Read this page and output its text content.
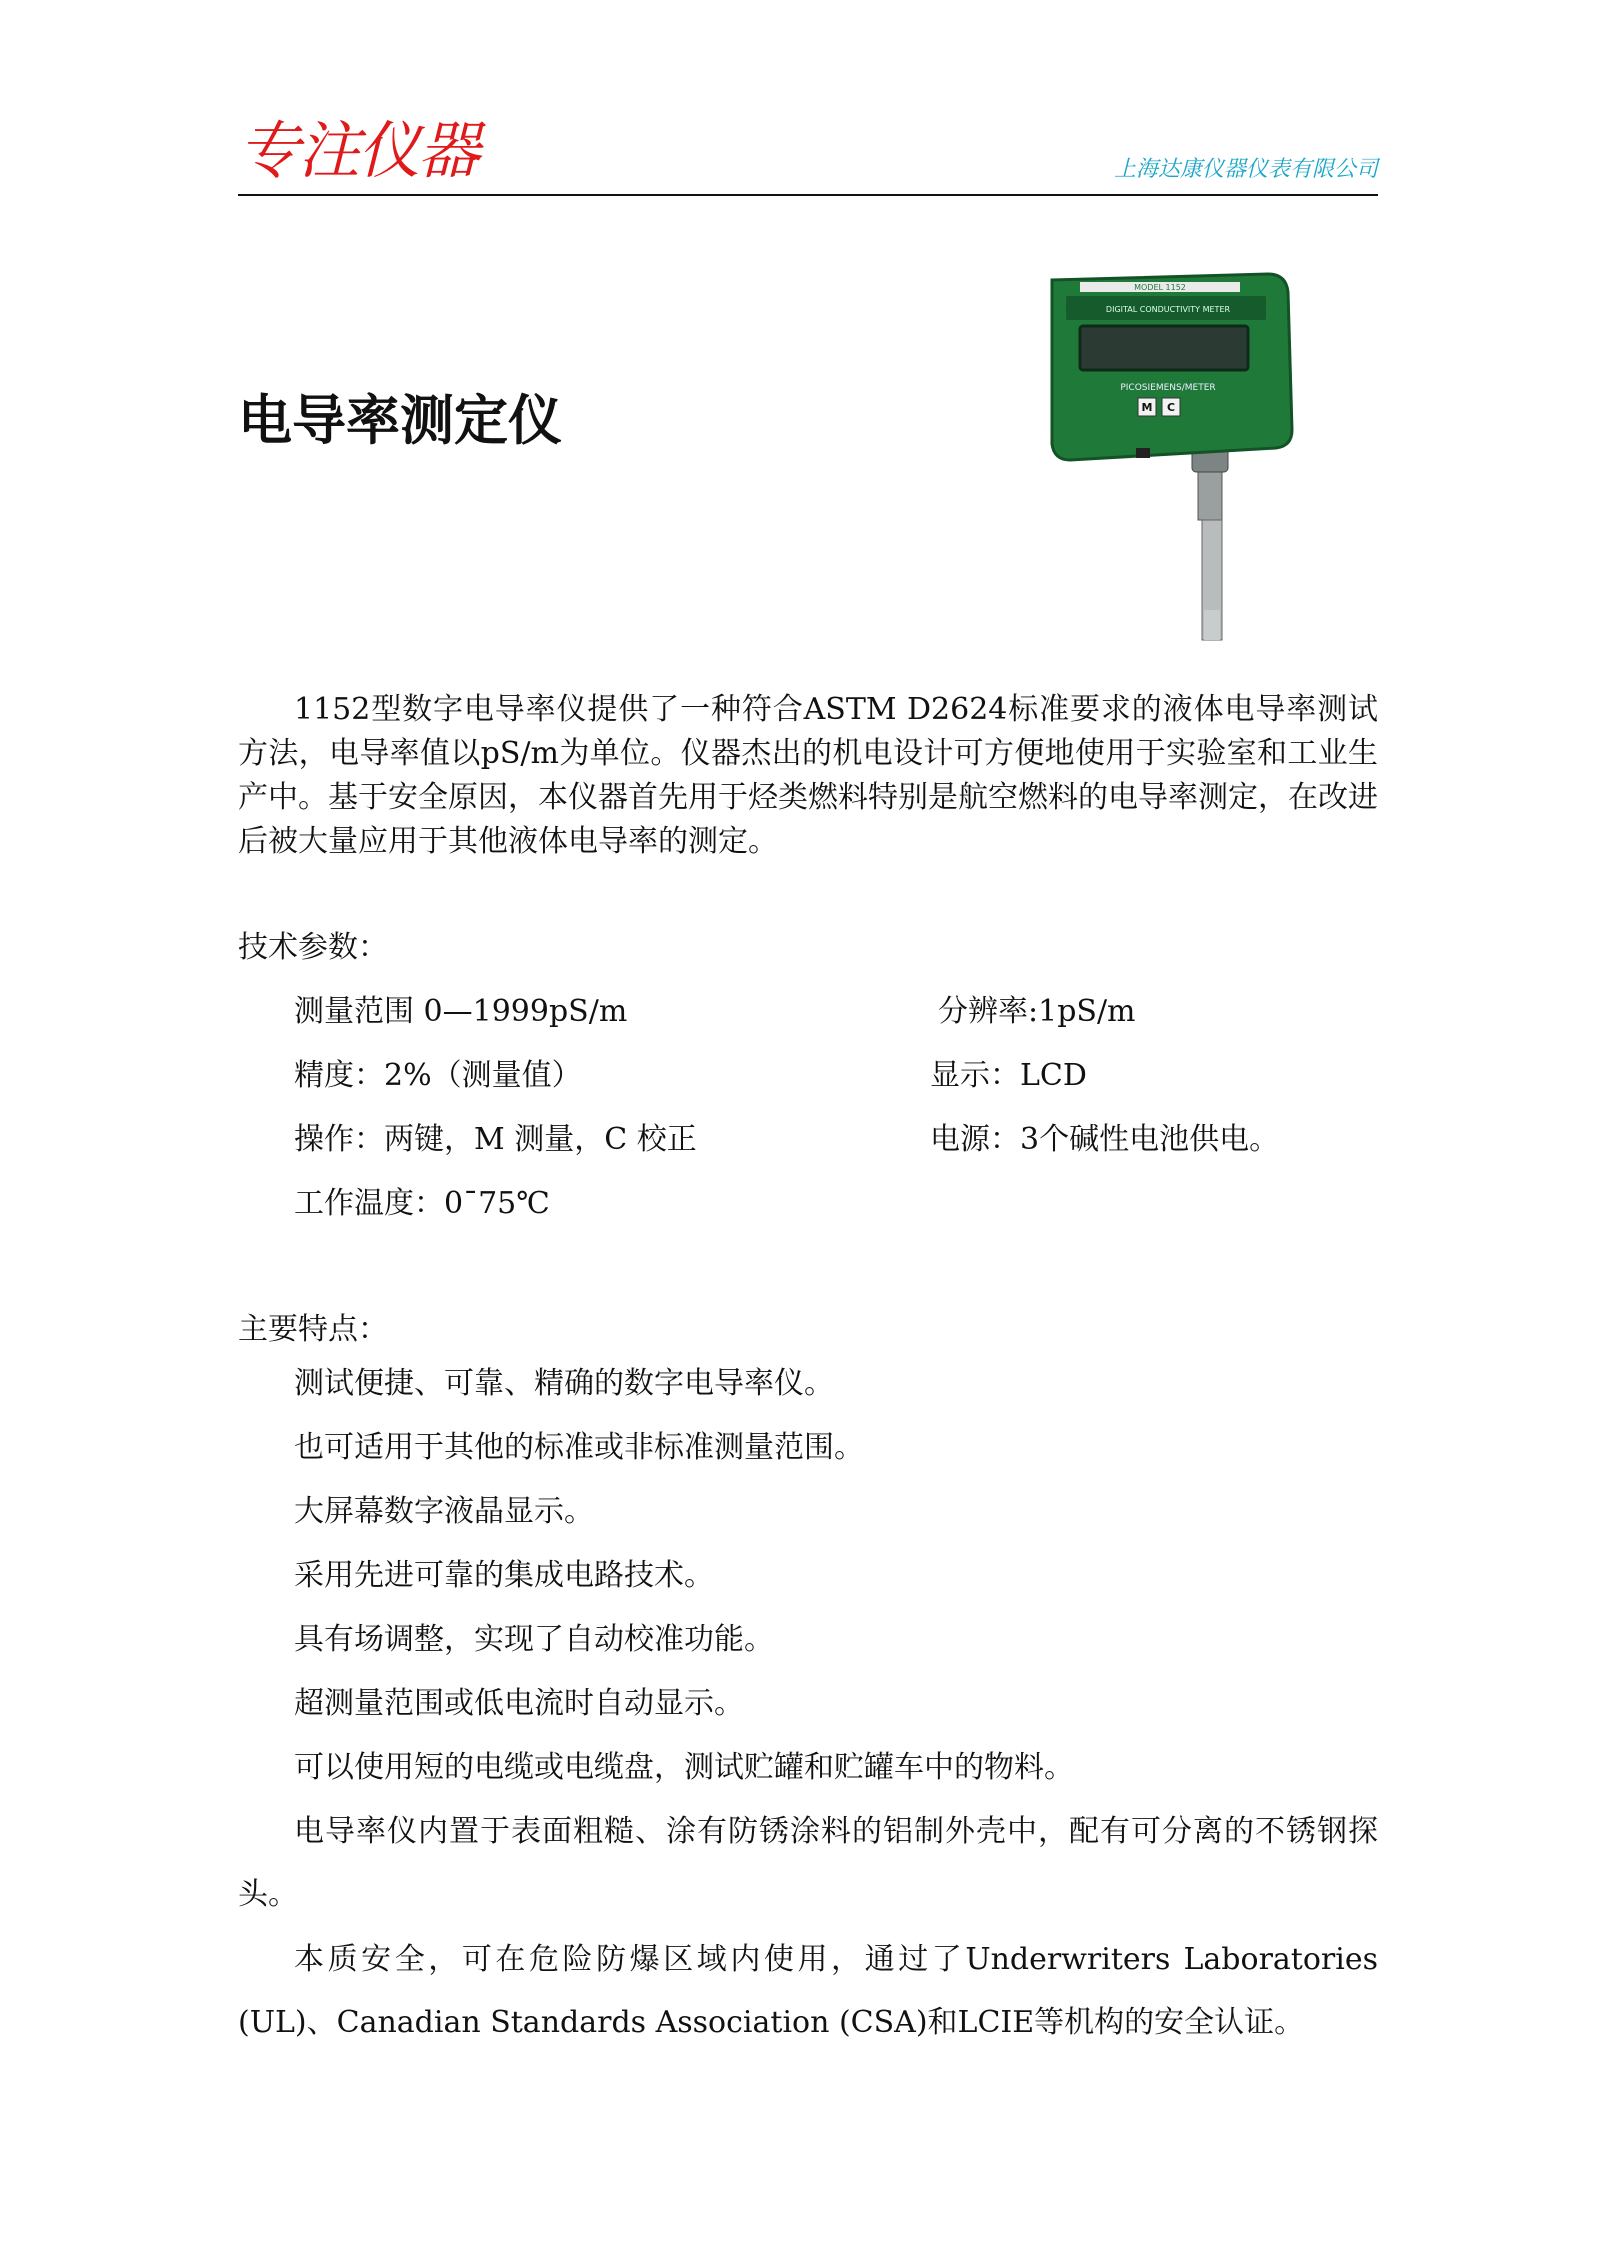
专注仪器	上海达康仪器仪表有限公司
电导率测定仪
MODEL 1152
DIGITAL CONDUCTIVITY METER
PICOSIEMENS/METER
M C
1152型数字电导率仪提供了一种符合ASTM D2624标准要求的液体电导率测试方法，电导率值以pS/m为单位。仪器杰出的机电设计可方便地使用于实验室和工业生产中。基于安全原因，本仪器首先用于烃类燃料特别是航空燃料的电导率测定，在改进后被大量应用于其他液体电导率的测定。
技术参数：
测量范围 0—1999pS/m	分辨率:1pS/m
精度：2%（测量值）	显示：LCD
操作：两键，M 测量，C 校正	电源：3个碱性电池供电。
工作温度：0¯75℃
主要特点：
测试便捷、可靠、精确的数字电导率仪。
也可适用于其他的标准或非标准测量范围。
大屏幕数字液晶显示。
采用先进可靠的集成电路技术。
具有场调整，实现了自动校准功能。
超测量范围或低电流时自动显示。
可以使用短的电缆或电缆盘，测试贮罐和贮罐车中的物料。
电导率仪内置于表面粗糙、涂有防锈涂料的铝制外壳中，配有可分离的不锈钢探头。
本质安全，可在危险防爆区域内使用，通过了Underwriters Laboratories (UL)、Canadian Standards Association (CSA)和LCIE等机构的安全认证。
